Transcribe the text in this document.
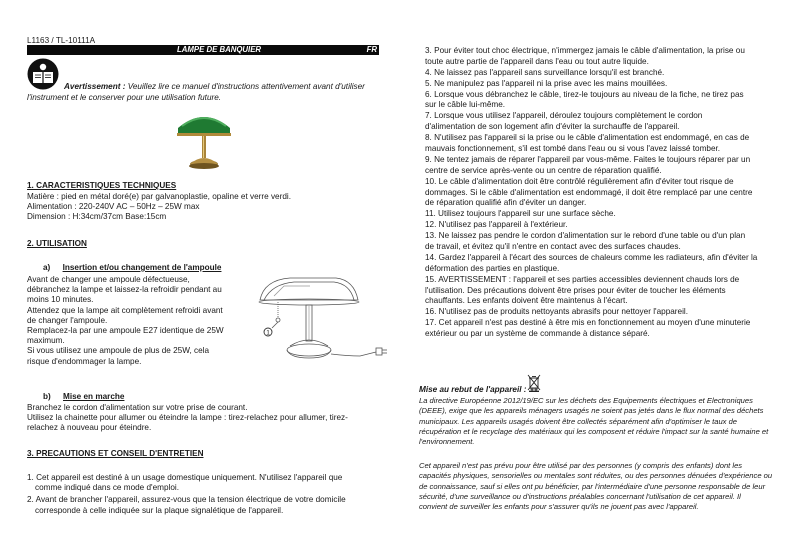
L1163 / TL-10111A
LAMPE DE BANQUIER	FR

Avertissement : Veuillez lire ce manuel d'instructions attentivement avant d'utiliser

l'instrument et le conserver pour une utilisation future.

1. CARACTERISTIQUES TECHNIQUES

Matière : pied en métal doré(e) par galvanoplastie, opaline et verre verdi.

Alimentation : 220-240V AC – 50Hz – 25W max

Dimension : H:34cm/37cm Base:15cm

2. UTILISATION

a) Insertion et/ou changement de l'ampoule

Avant de changer une ampoule défectueuse,

débranchez la lampe et laissez-la refroidir pendant au

moins 10 minutes.

Attendez que la lampe ait complètement refroidi avant

de changer l'ampoule.

Remplacez-la par une ampoule E27 identique de 25W

maximum.

Si vous utilisez une ampoule de plus de 25W, cela

risque d'endommager la lampe.

1

b) Mise en marche

Branchez le cordon d'alimentation sur votre prise de courant.

Utilisez la chainette pour allumer ou éteindre la lampe : tirez-relachez pour allumer, tirez-

relachez à nouveau pour éteindre.

3. PRECAUTIONS ET CONSEIL D'ENTRETIEN

1. Cet appareil est destiné à un usage domestique uniquement. N'utilisez l'appareil que

comme indiqué dans ce mode d'emploi.

2. Avant de brancher l'appareil, assurez-vous que la tension électrique de votre domicile

corresponde à celle indiquée sur la plaque signalétique de l'appareil.

3. Pour éviter tout choc électrique, n'immergez jamais le câble d'alimentation, la prise ou

toute autre partie de l'appareil dans l'eau ou tout autre liquide.

4. Ne laissez pas l'appareil sans surveillance lorsqu'il est branché.

5. Ne manipulez pas l'appareil ni la prise avec les mains mouillées.

6. Lorsque vous débranchez le câble, tirez-le toujours au niveau de la fiche, ne tirez pas

sur le câble lui-même.

7. Lorsque vous utilisez l'appareil, déroulez toujours complètement le cordon

d'alimentation de son logement afin d'éviter la surchauffe de l'appareil.

8. N'utilisez pas l'appareil si la prise ou le câble d'alimentation est endommagé, en cas de

mauvais fonctionnement, s'il est tombé dans l'eau ou si vous l'avez laissé tomber.

9. Ne tentez jamais de réparer l'appareil par vous-même. Faites le toujours réparer par un

centre de service après-vente ou un centre de réparation qualifié.

10. Le câble d'alimentation doit être contrôlé régulièrement afin d'éviter tout risque de

dommages. Si le câble d'alimentation est endommagé, il doit être remplacé par une centre

de réparation qualifié afin d'éviter un danger.

11. Utilisez toujours l'appareil sur une surface sèche.

12. N'utilisez pas l'appareil à l'extérieur.

13. Ne laissez pas pendre le cordon d'alimentation sur le rebord d'une table ou d'un plan

de travail, et évitez qu'il n'entre en contact avec des surfaces chaudes.

14. Gardez l'appareil à l'écart des sources de chaleurs comme les radiateurs, afin d'éviter la

déformation des parties en plastique.

15. AVERTISSEMENT : l'appareil et ses parties accessibles deviennent chauds lors de

l'utilisation. Des précautions doivent être prises pour éviter de toucher les éléments

chauffants. Les enfants doivent être maintenus à l'écart.

16. N'utilisez pas de produits nettoyants abrasifs pour nettoyer l'appareil.

17. Cet appareil n'est pas destiné à être mis en fonctionnement au moyen d'une minuterie

extérieur ou par un système de commande à distance séparé.

Mise au rebut de l'appareil :

La directive Européenne 2012/19/EC sur les déchets des Equipements électriques et Electroniques

(DEEE), exige que les appareils ménagers usagés ne soient pas jetés dans le flux normal des déchets

municipaux. Les appareils usagés doivent être collectés séparément afin d'optimiser le taux de

récupération et le recyclage des matériaux qui les composent et réduire l'impact sur la santé humaine et

l'environnement.

Cet appareil n'est pas prévu pour être utilisé par des personnes (y compris des enfants) dont les

capacités physiques, sensorielles ou mentales sont réduites, ou des personnes dénuées d'expérience ou

de connaissance, sauf si elles ont pu bénéficier, par l'intermédiaire d'une personne responsable de leur

sécurité, d'une surveillance ou d'instructions préalables concernant l'utilisation de cet appareil. Il

convient de surveiller les enfants pour s'assurer qu'ils ne jouent pas avec l'appareil.
